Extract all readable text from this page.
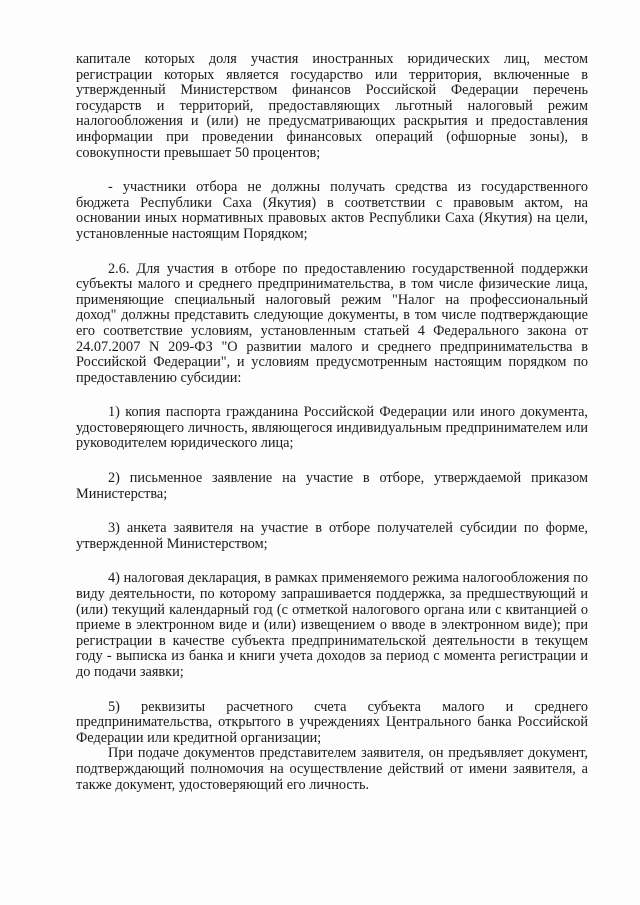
капитале которых доля участия иностранных юридических лиц, местом регистрации которых является государство или территория, включенные в утвержденный Министерством финансов Российской Федерации перечень государств и территорий, предоставляющих льготный налоговый режим налогообложения и (или) не предусматривающих раскрытия и предоставления информации при проведении финансовых операций (офшорные зоны), в совокупности превышает 50 процентов;

- участники отбора не должны получать средства из государственного бюджета Республики Саха (Якутия) в соответствии с правовым актом, на основании иных нормативных правовых актов Республики Саха (Якутия) на цели, установленные настоящим Порядком;

2.6. Для участия в отборе по предоставлению государственной поддержки субъекты малого и среднего предпринимательства, в том числе физические лица, применяющие специальный налоговый режим "Налог на профессиональный доход" должны представить следующие документы, в том числе подтверждающие его соответствие условиям, установленным статьей 4 Федерального закона от 24.07.2007 N 209-ФЗ "О развитии малого и среднего предпринимательства в Российской Федерации", и условиям предусмотренным настоящим порядком по предоставлению субсидии:

1) копия паспорта гражданина Российской Федерации или иного документа, удостоверяющего личность, являющегося индивидуальным предпринимателем или руководителем юридического лица;

2) письменное заявление на участие в отборе, утверждаемой приказом Министерства;

3) анкета заявителя на участие в отборе получателей субсидии по форме, утвержденной Министерством;

4) налоговая декларация, в рамках применяемого режима налогообложения по виду деятельности, по которому запрашивается поддержка, за предшествующий и (или) текущий календарный год (с отметкой налогового органа или с квитанцией о приеме в электронном виде и (или) извещением о вводе в электронном виде); при регистрации в качестве субъекта предпринимательской деятельности в текущем году - выписка из банка и книги учета доходов за период с момента регистрации и до подачи заявки;

5) реквизиты расчетного счета субъекта малого и среднего предпринимательства, открытого в учреждениях Центрального банка Российской Федерации или кредитной организации;

При подаче документов представителем заявителя, он предъявляет документ, подтверждающий полномочия на осуществление действий от имени заявителя, а также документ, удостоверяющий его личность.
